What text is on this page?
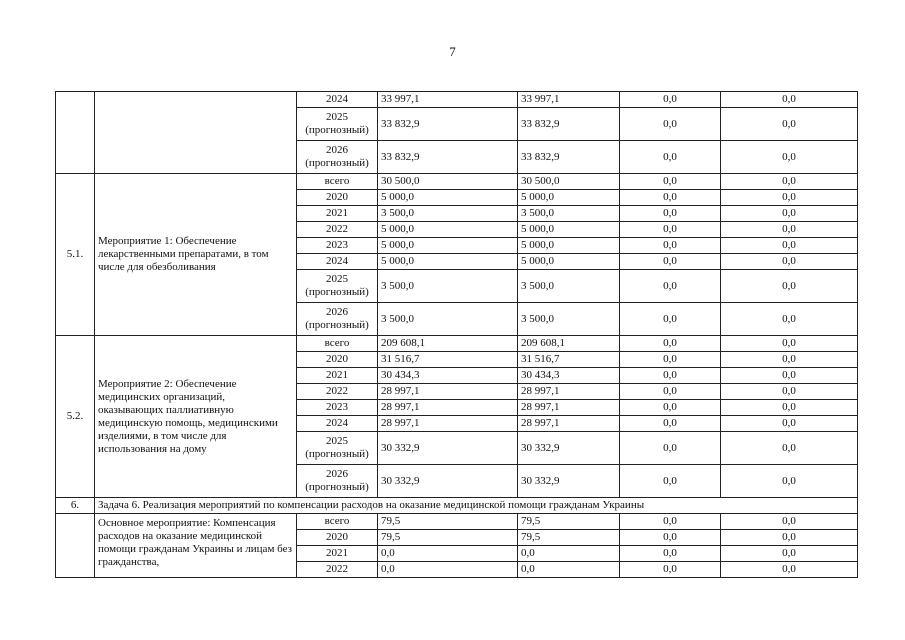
7
		2024	33 997,1	33 997,1	0,0	0,0
		2025
(прогнозный)	33 832,9	33 832,9	0,0	0,0
		2026
(прогнозный)	33 832,9	33 832,9	0,0	0,0
5.1.	Мероприятие 1: Обеспечение лекарственными препаратами, в том числе для обезболивания	всего	30 500,0	30 500,0	0,0	0,0
		2020	5 000,0	5 000,0	0,0	0,0
		2021	3 500,0	3 500,0	0,0	0,0
		2022	5 000,0	5 000,0	0,0	0,0
		2023	5 000,0	5 000,0	0,0	0,0
		2024	5 000,0	5 000,0	0,0	0,0
		2025
(прогнозный)	3 500,0	3 500,0	0,0	0,0
		2026
(прогнозный)	3 500,0	3 500,0	0,0	0,0
5.2.	Мероприятие 2: Обеспечение медицинских организаций, оказывающих паллиативную медицинскую помощь, медицинскими изделиями, в том числе для использования на дому	всего	209 608,1	209 608,1	0,0	0,0
		2020	31 516,7	31 516,7	0,0	0,0
		2021	30 434,3	30 434,3	0,0	0,0
		2022	28 997,1	28 997,1	0,0	0,0
		2023	28 997,1	28 997,1	0,0	0,0
		2024	28 997,1	28 997,1	0,0	0,0
		2025
(прогнозный)	30 332,9	30 332,9	0,0	0,0
		2026
(прогнозный)	30 332,9	30 332,9	0,0	0,0
6.	Задача 6. Реализация мероприятий по компенсации расходов на оказание медицинской помощи гражданам Украины					
	Основное мероприятие: Компенсация расходов на оказание медицинской помощи гражданам Украины и лицам без гражданства,	всего	79,5	79,5	0,0	0,0
		2020	79,5	79,5	0,0	0,0
		2021	0,0	0,0	0,0	0,0
		2022	0,0	0,0	0,0	0,0
